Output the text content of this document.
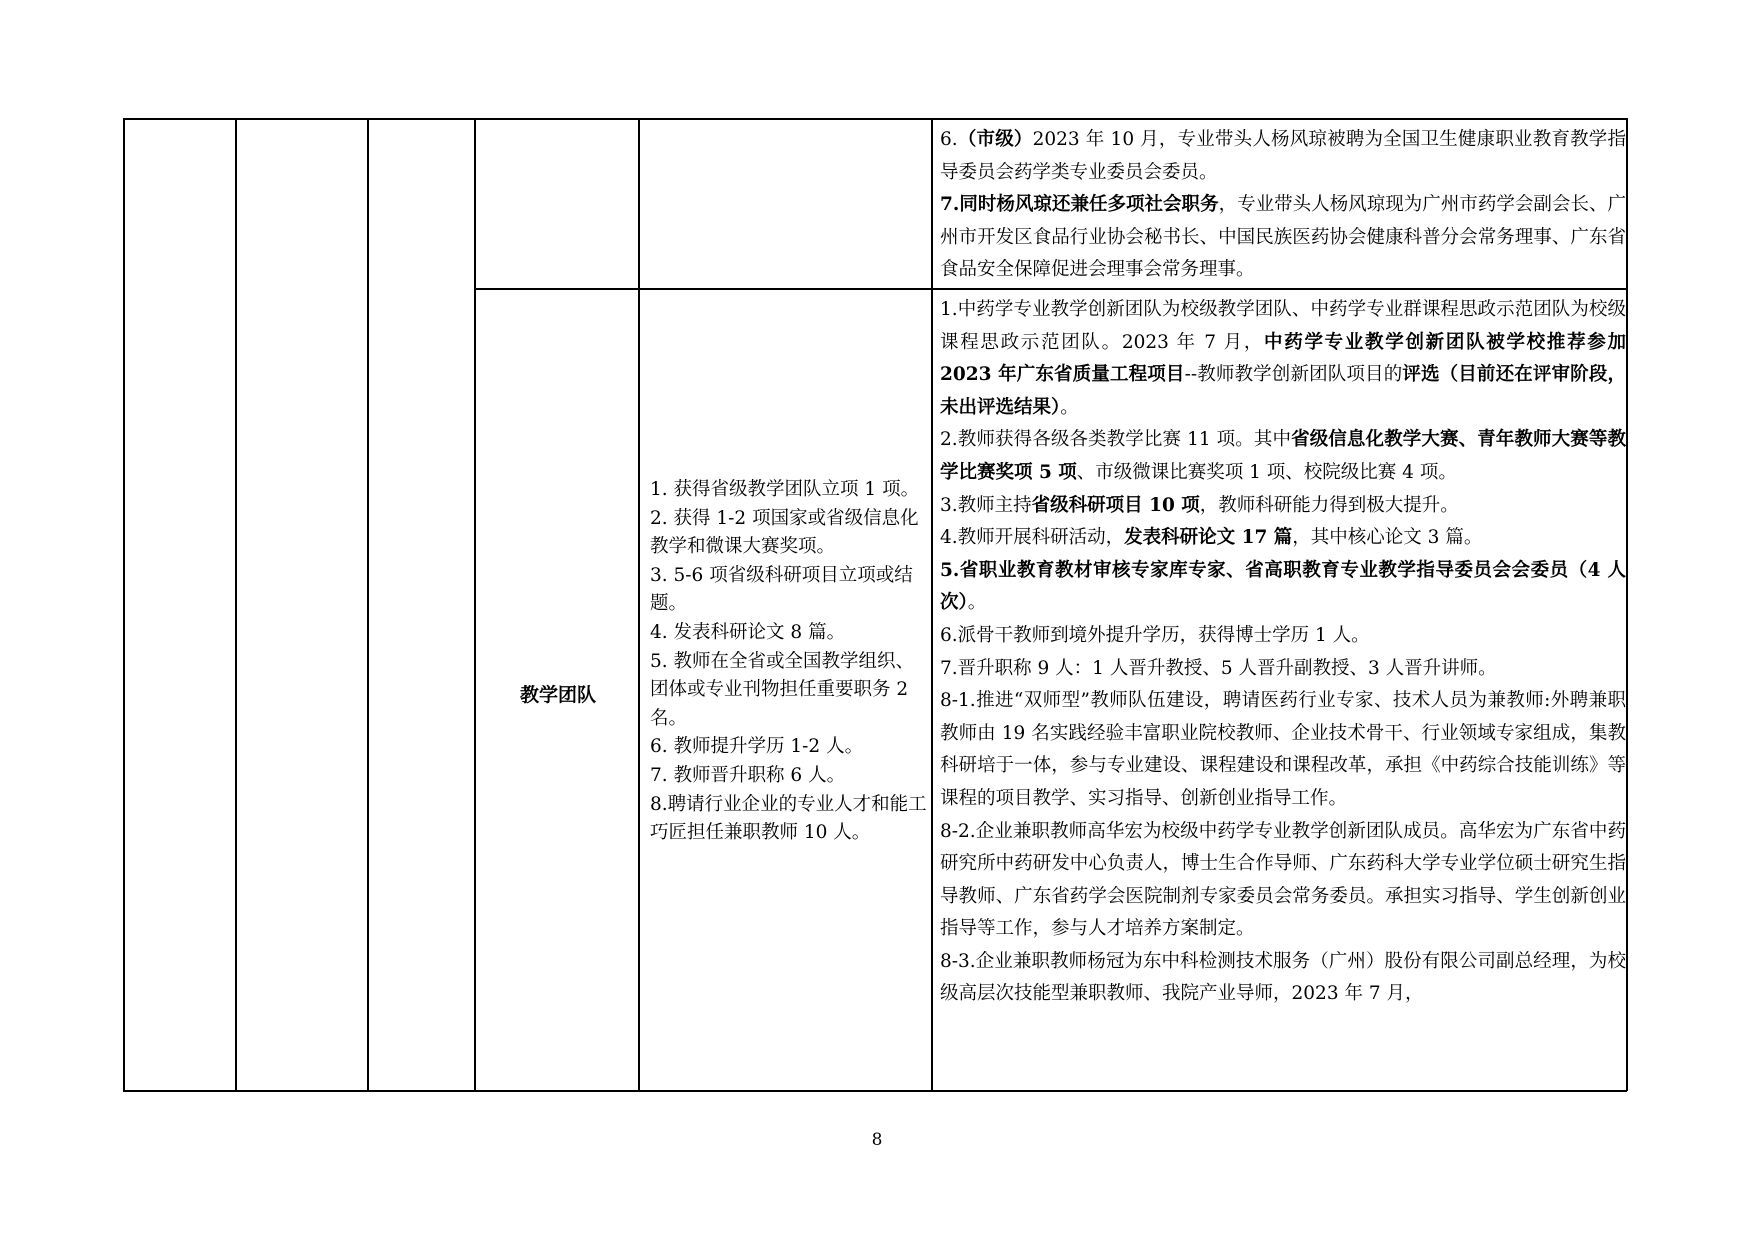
6.（市级）2023 年 10 月，专业带头人杨风琼被聘为全国卫生健康职业教育教学指导委员会药学类专业委员会委员。

7.同时杨风琼还兼任多项社会职务，专业带头人杨风琼现为广州市药学会副会长、广州市开发区食品行业协会秘书长、中国民族医药协会健康科普分会常务理事、广东省食品安全保障促进会理事会常务理事。

教学团队

1. 获得省级教学团队立项 1 项。

2. 获得 1-2 项国家或省级信息化教学和微课大赛奖项。

3. 5-6 项省级科研项目立项或结题。

4. 发表科研论文 8 篇。

5. 教师在全省或全国教学组织、团体或专业刊物担任重要职务 2 名。

6. 教师提升学历 1-2 人。

7. 教师晋升职称 6 人。

8.聘请行业企业的专业人才和能工巧匠担任兼职教师 10 人。

1.中药学专业教学创新团队为校级教学团队、中药学专业群课程思政示范团队为校级课程思政示范团队。2023 年 7 月，中药学专业教学创新团队被学校推荐参加 2023 年广东省质量工程项目--教师教学创新团队项目的评选（目前还在评审阶段，未出评选结果）。

2.教师获得各级各类教学比赛 11 项。其中省级信息化教学大赛、青年教师大赛等教学比赛奖项 5 项、市级微课比赛奖项 1 项、校院级比赛 4 项。

3.教师主持省级科研项目 10 项，教师科研能力得到极大提升。

4.教师开展科研活动，发表科研论文 17 篇，其中核心论文 3 篇。

5.省职业教育教材审核专家库专家、省高职教育专业教学指导委员会会委员（4 人次）。

6.派骨干教师到境外提升学历，获得博士学历 1 人。

7.晋升职称 9 人：1 人晋升教授、5 人晋升副教授、3 人晋升讲师。

8-1.推进“双师型”教师队伍建设，聘请医药行业专家、技术人员为兼教师:外聘兼职教师由 19 名实践经验丰富职业院校教师、企业技术骨干、行业领域专家组成，集教科研培于一体，参与专业建设、课程建设和课程改革，承担《中药综合技能训练》等课程的项目教学、实习指导、创新创业指导工作。

8-2.企业兼职教师高华宏为校级中药学专业教学创新团队成员。高华宏为广东省中药研究所中药研发中心负责人，博士生合作导师、广东药科大学专业学位硕士研究生指导教师、广东省药学会医院制剂专家委员会常务委员。承担实习指导、学生创新创业指导等工作，参与人才培养方案制定。

8-3.企业兼职教师杨冠为东中科检测技术服务（广州）股份有限公司副总经理，为校级高层次技能型兼职教师、我院产业导师，2023 年 7 月，

8
